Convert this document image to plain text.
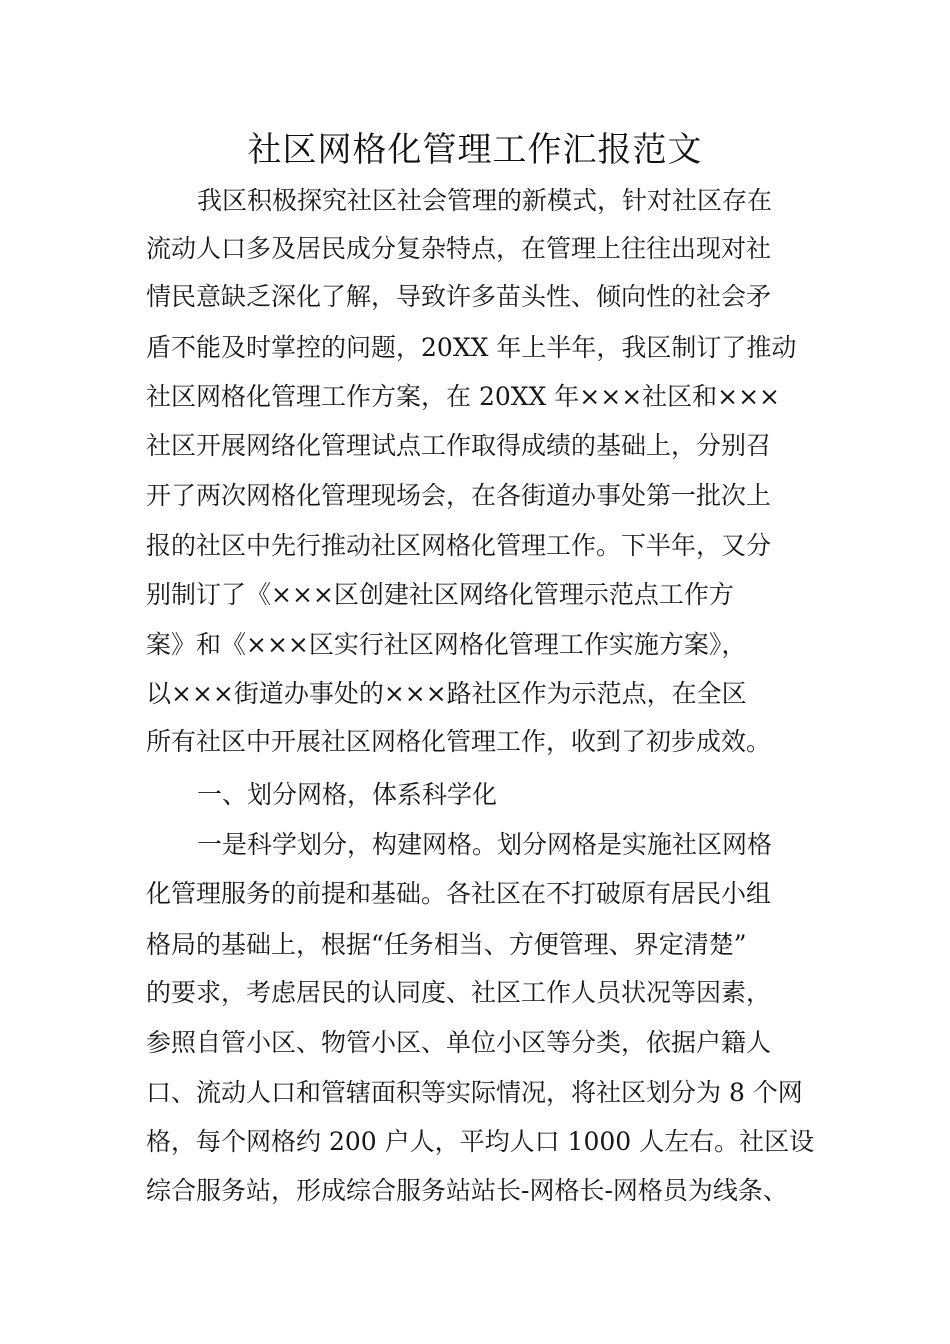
社区网格化管理工作汇报范文
　我区积极探究社区社会管理的新模式，针对社区存在
流动人口多及居民成分复杂特点，在管理上往往出现对社
情民意缺乏深化了解，导致许多苗头性、倾向性的社会矛
盾不能及时掌控的问题，20XX 年上半年，我区制订了推动
社区网格化管理工作方案，在 20XX 年×××社区和×××
社区开展网络化管理试点工作取得成绩的基础上，分别召
开了两次网格化管理现场会，在各街道办事处第一批次上
报的社区中先行推动社区网格化管理工作。下半年，又分
别制订了《×××区创建社区网络化管理示范点工作方
案》和《×××区实行社区网格化管理工作实施方案》，
以×××街道办事处的×××路社区作为示范点，在全区
所有社区中开展社区网格化管理工作，收到了初步成效。
　一、划分网格，体系科学化
　一是科学划分，构建网格。划分网格是实施社区网格
化管理服务的前提和基础。各社区在不打破原有居民小组
格局的基础上，根据“任务相当、方便管理、界定清楚”
的要求，考虑居民的认同度、社区工作人员状况等因素，
参照自管小区、物管小区、单位小区等分类，依据户籍人
口、流动人口和管辖面积等实际情况，将社区划分为 8 个网
格，每个网格约 200 户人，平均人口 1000 人左右。社区设
综合服务站，形成综合服务站站长-网格长-网格员为线条、
